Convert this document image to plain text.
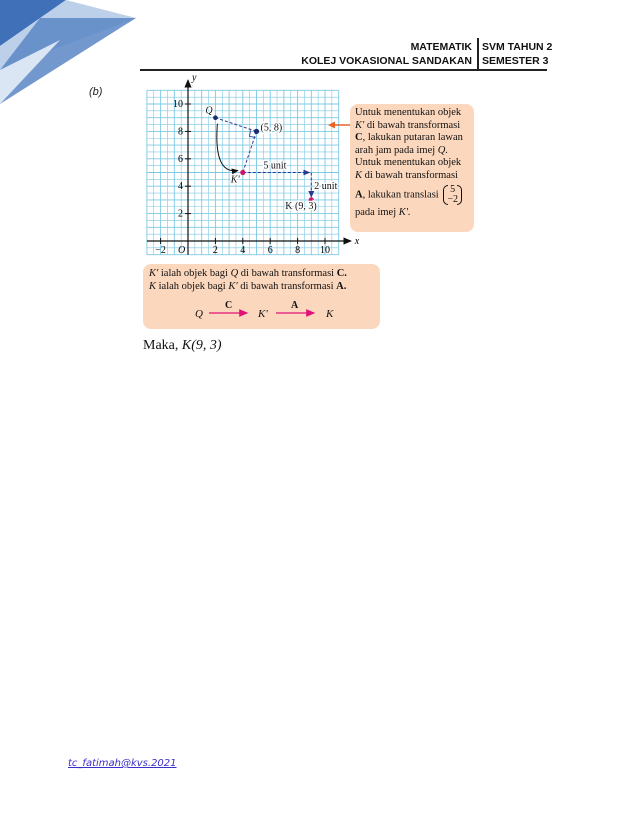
MATEMATIK
KOLEJ VOKASIONAL SANDAKAN
SVM TAHUN 2
SEMESTER 3
(b)
x
y
O
−2	2 4 6 8 10
2
4
6
8
10
Q
(5, 8)
K'
K (9, 3)
5 unit
2 unit
Untuk menentukan objek
K' di bawah transformasi
C, lakukan putaran lawan
arah jam pada imej Q.
Untuk menentukan objek
K di bawah transformasi
A, lakukan translasi 5
−2
pada imej K'.
K' ialah objek bagi Q di bawah transformasi C.
K ialah objek bagi K' di bawah transformasi A.
Q
C
K'
A
K
Maka, K(9, 3)
tc_fatimah@kvs.2021
